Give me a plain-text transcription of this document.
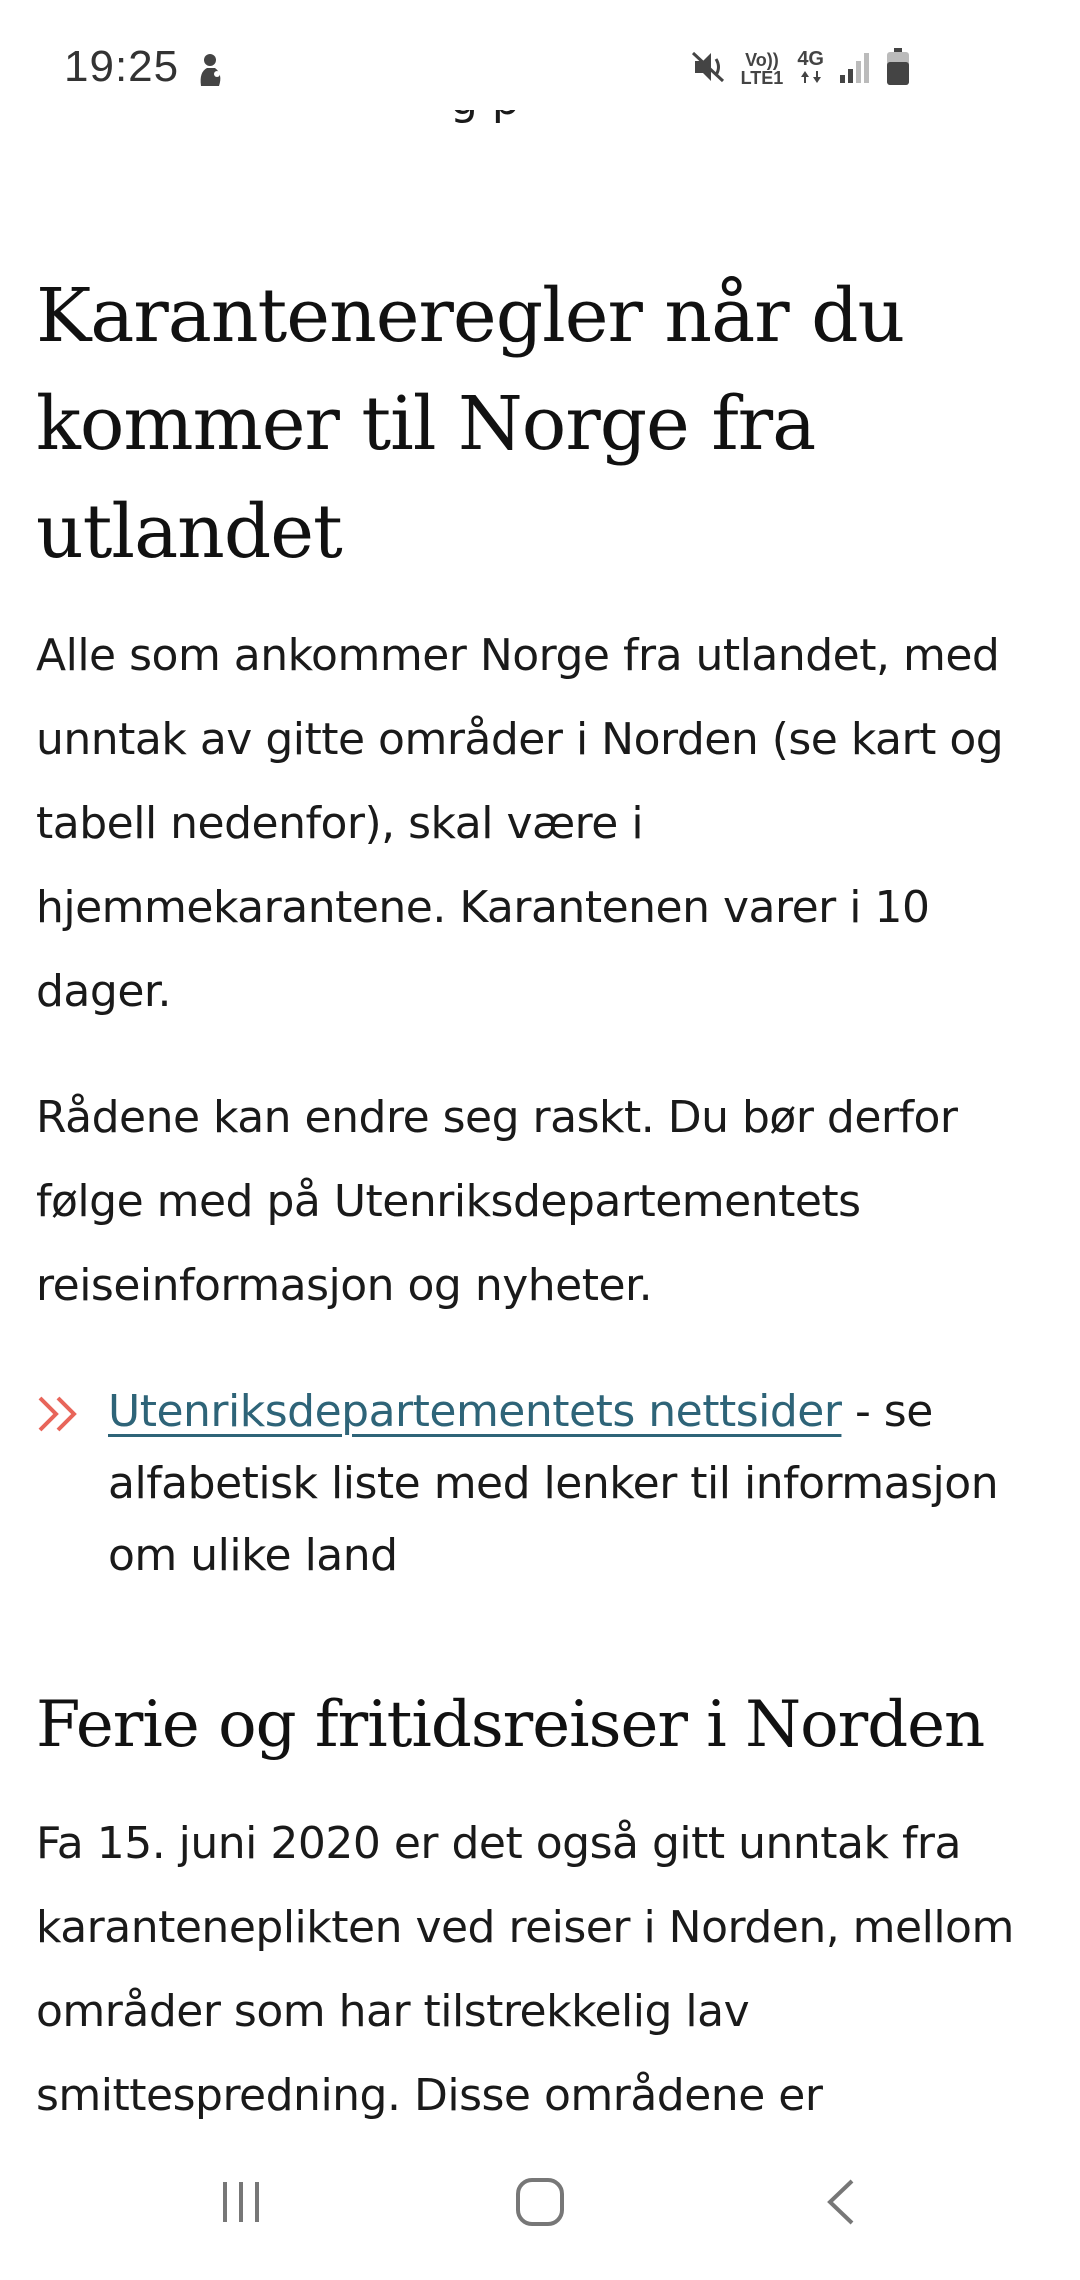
19:25	Vo))
LTE1
4G

Karanteneregler når du kommer til Norge fra utlandet

Alle som ankommer Norge fra utlandet, med unntak av gitte områder i Norden (se kart og tabell nedenfor), skal være i hjemmekarantene. Karantenen varer i 10 dager.

Rådene kan endre seg raskt. Du bør derfor følge med på Utenriksdepartementets reiseinformasjon og nyheter.

Utenriksdepartementets nettsider - se alfabetisk liste med lenker til informasjon om ulike land
Ferie og fritidsreiser i Norden

Fa 15. juni 2020 er det også gitt unntak fra karanteneplikten ved reiser i Norden, mellom områder som har tilstrekkelig lav smittespredning. Disse områdene er
